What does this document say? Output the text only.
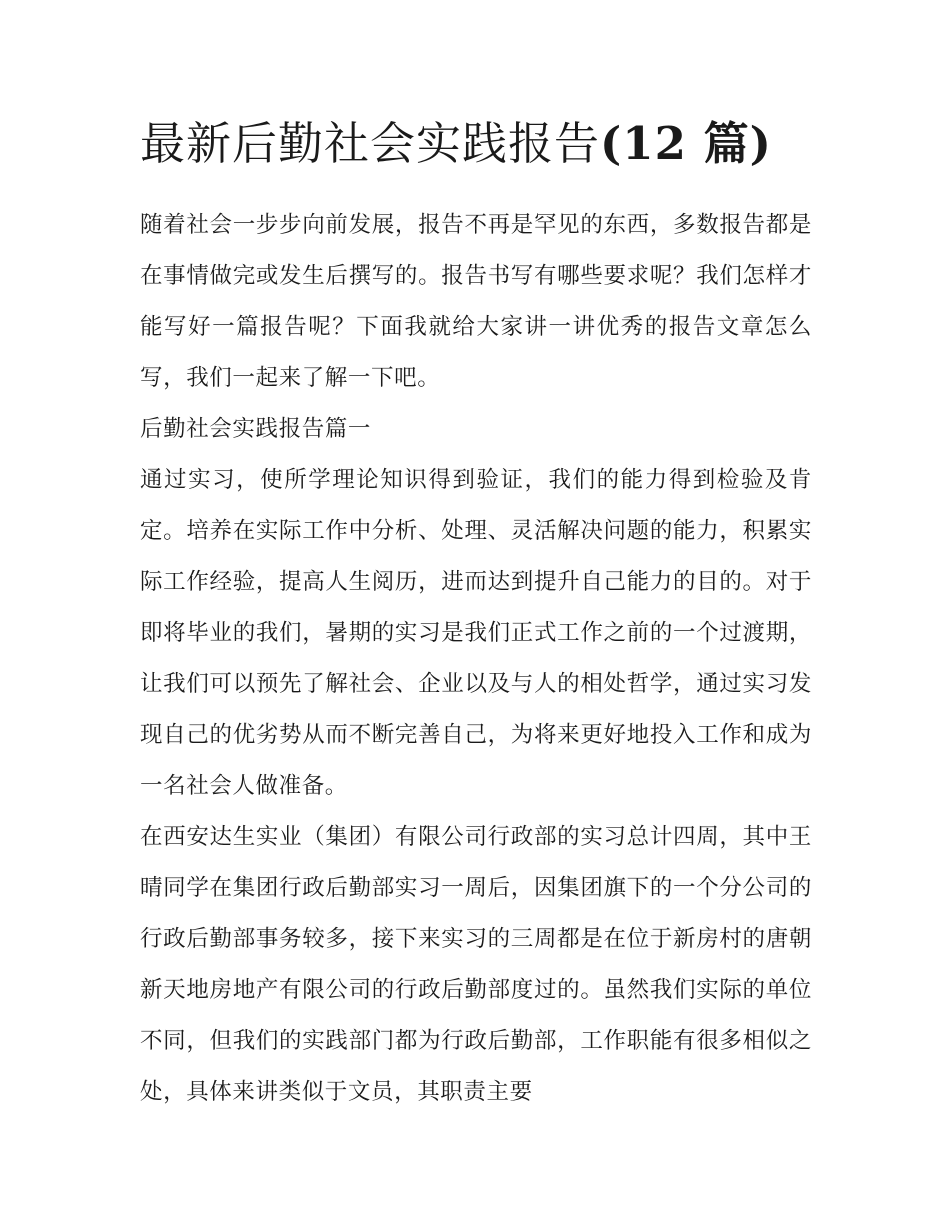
最新后勤社会实践报告(12 篇)

随着社会一步步向前发展，报告不再是罕见的东西，多数报告都是在事情做完或发生后撰写的。报告书写有哪些要求呢？我们怎样才能写好一篇报告呢？下面我就给大家讲一讲优秀的报告文章怎么写，我们一起来了解一下吧。

后勤社会实践报告篇一

通过实习，使所学理论知识得到验证，我们的能力得到检验及肯定。培养在实际工作中分析、处理、灵活解决问题的能力，积累实际工作经验，提高人生阅历，进而达到提升自己能力的目的。对于即将毕业的我们，暑期的实习是我们正式工作之前的一个过渡期，让我们可以预先了解社会、企业以及与人的相处哲学，通过实习发现自己的优劣势从而不断完善自己，为将来更好地投入工作和成为一名社会人做准备。

在西安达生实业（集团）有限公司行政部的实习总计四周，其中王晴同学在集团行政后勤部实习一周后，因集团旗下的一个分公司的行政后勤部事务较多，接下来实习的三周都是在位于新房村的唐朝新天地房地产有限公司的行政后勤部度过的。虽然我们实际的单位不同，但我们的实践部门都为行政后勤部，工作职能有很多相似之处，具体来讲类似于文员，其职责主要
